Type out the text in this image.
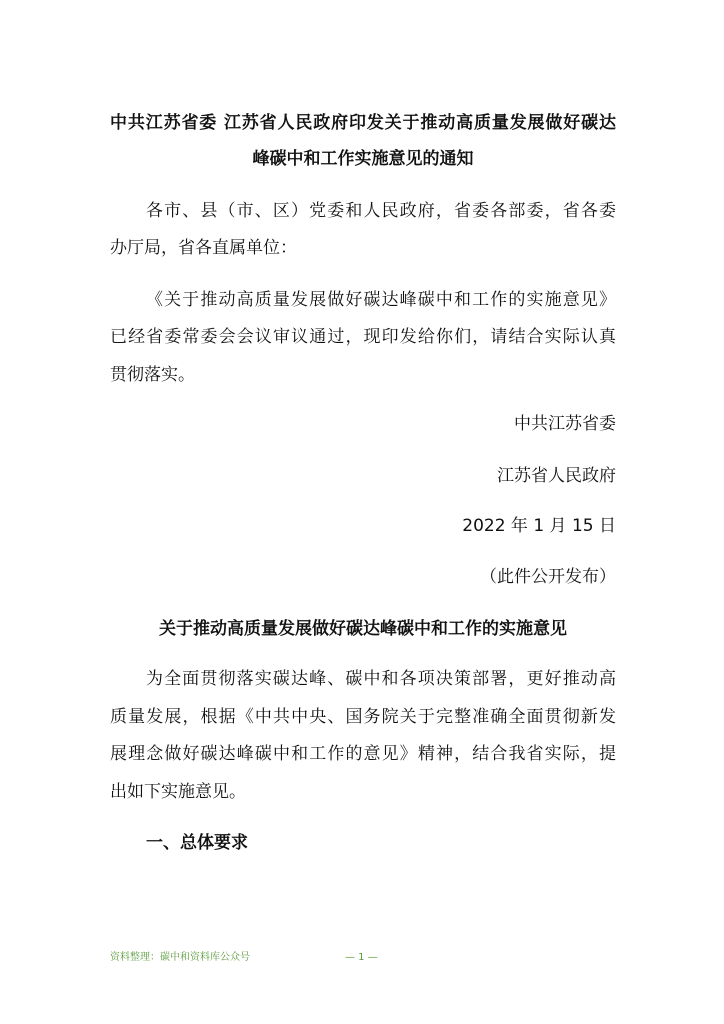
中共江苏省委 江苏省人民政府印发关于推动高质量发展做好碳达
峰碳中和工作实施意见的通知
各市、县（市、区）党委和人民政府，省委各部委，省各委
办厅局，省各直属单位：
《关于推动高质量发展做好碳达峰碳中和工作的实施意见》
已经省委常委会会议审议通过，现印发给你们，请结合实际认真
贯彻落实。
中共江苏省委
江苏省人民政府
2022 年 1 月 15 日
（此件公开发布）
关于推动高质量发展做好碳达峰碳中和工作的实施意见
为全面贯彻落实碳达峰、碳中和各项决策部署，更好推动高
质量发展，根据《中共中央、国务院关于完整准确全面贯彻新发
展理念做好碳达峰碳中和工作的意见》精神，结合我省实际，提
出如下实施意见。
一、总体要求
资料整理：碳中和资料库公众号	— 1 —
